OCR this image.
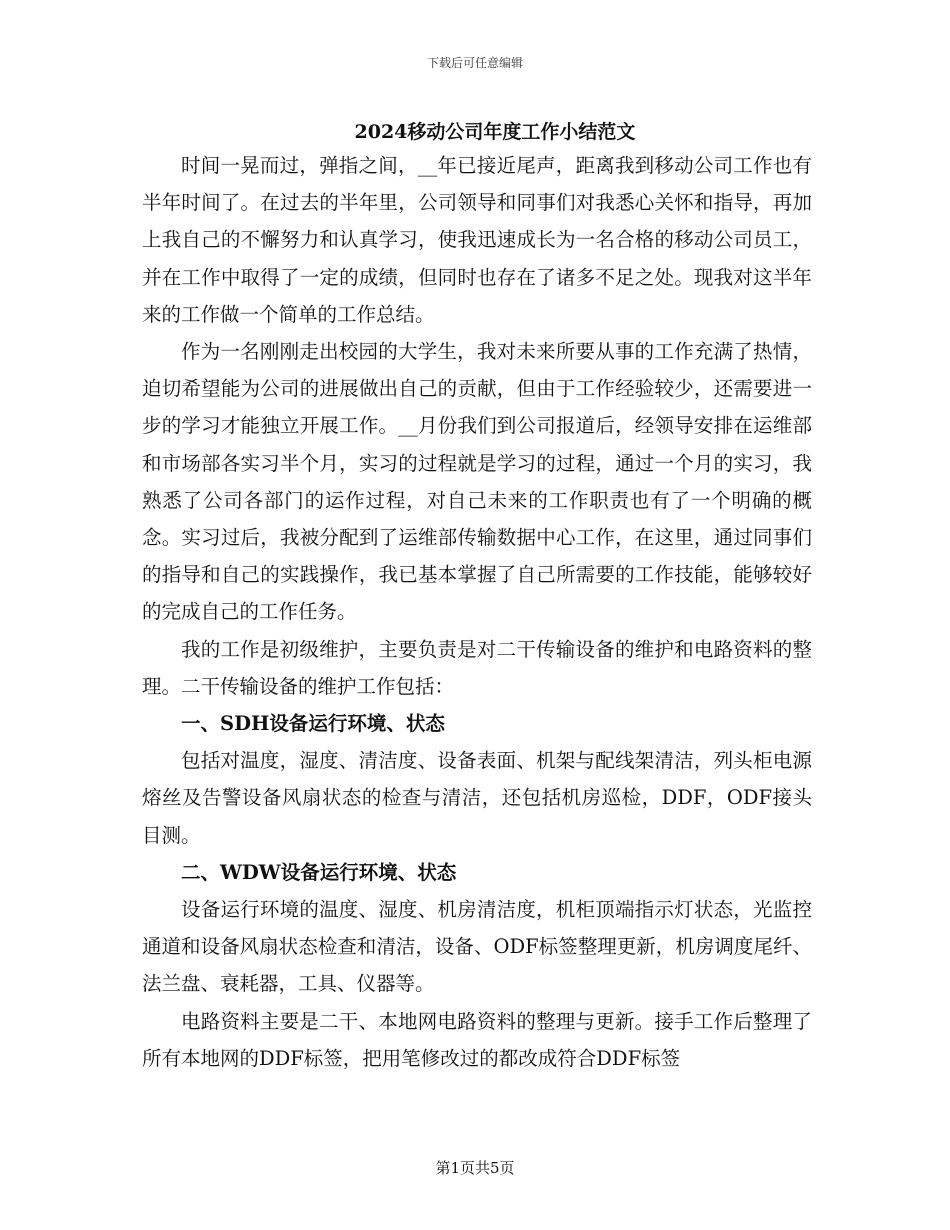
下载后可任意编辑
2024移动公司年度工作小结范文

时间一晃而过，弹指之间，__年已接近尾声，距离我到移动公司工作也有半年时间了。在过去的半年里，公司领导和同事们对我悉心关怀和指导，再加上我自己的不懈努力和认真学习，使我迅速成长为一名合格的移动公司员工，并在工作中取得了一定的成绩，但同时也存在了诸多不足之处。现我对这半年来的工作做一个简单的工作总结。

作为一名刚刚走出校园的大学生，我对未来所要从事的工作充满了热情，迫切希望能为公司的进展做出自己的贡献，但由于工作经验较少，还需要进一步的学习才能独立开展工作。__月份我们到公司报道后，经领导安排在运维部和市场部各实习半个月，实习的过程就是学习的过程，通过一个月的实习，我熟悉了公司各部门的运作过程，对自己未来的工作职责也有了一个明确的概念。实习过后，我被分配到了运维部传输数据中心工作，在这里，通过同事们的指导和自己的实践操作，我已基本掌握了自己所需要的工作技能，能够较好的完成自己的工作任务。

我的工作是初级维护，主要负责是对二干传输设备的维护和电路资料的整理。二干传输设备的维护工作包括：

一、SDH设备运行环境、状态

包括对温度，湿度、清洁度、设备表面、机架与配线架清洁，列头柜电源熔丝及告警设备风扇状态的检查与清洁，还包括机房巡检，DDF，ODF接头目测。

二、WDW设备运行环境、状态

设备运行环境的温度、湿度、机房清洁度，机柜顶端指示灯状态，光监控通道和设备风扇状态检查和清洁，设备、ODF标签整理更新，机房调度尾纤、法兰盘、衰耗器，工具、仪器等。

电路资料主要是二干、本地网电路资料的整理与更新。接手工作后整理了所有本地网的DDF标签，把用笔修改过的都改成符合DDF标签

第1页共5页
